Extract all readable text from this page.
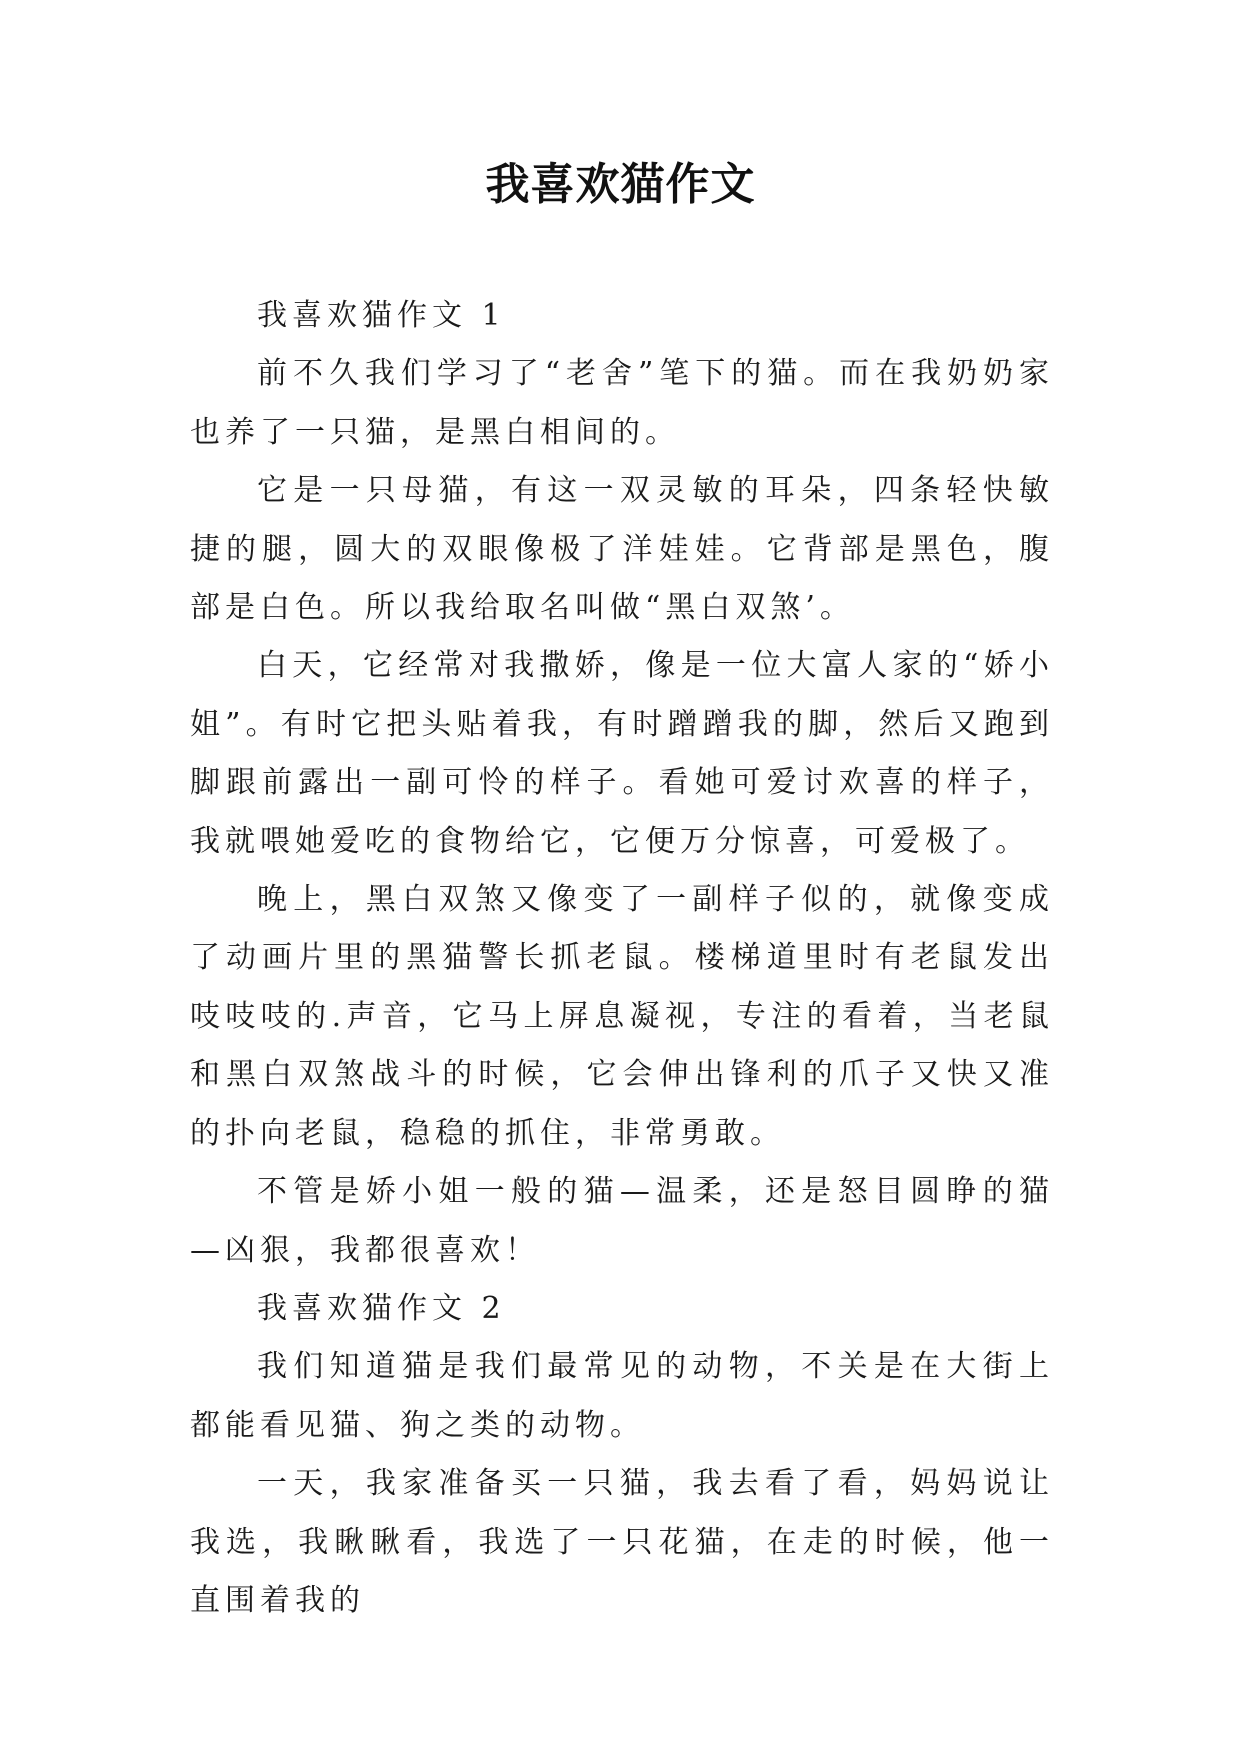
我喜欢猫作文

我喜欢猫作文 1

前不久我们学习了“老舍”笔下的猫。而在我奶奶家也养了一只猫，是黑白相间的。

它是一只母猫，有这一双灵敏的耳朵，四条轻快敏捷的腿，圆大的双眼像极了洋娃娃。它背部是黑色，腹部是白色。所以我给取名叫做“黑白双煞’。

白天，它经常对我撒娇，像是一位大富人家的“娇小姐”。有时它把头贴着我，有时蹭蹭我的脚，然后又跑到脚跟前露出一副可怜的样子。看她可爱讨欢喜的样子，我就喂她爱吃的食物给它，它便万分惊喜，可爱极了。

晚上，黑白双煞又像变了一副样子似的，就像变成了动画片里的黑猫警长抓老鼠。楼梯道里时有老鼠发出吱吱吱的.声音，它马上屏息凝视，专注的看着，当老鼠和黑白双煞战斗的时候，它会伸出锋利的爪子又快又准的扑向老鼠，稳稳的抓住，非常勇敢。

不管是娇小姐一般的猫—温柔，还是怒目圆睁的猫—凶狠，我都很喜欢！

我喜欢猫作文 2

我们知道猫是我们最常见的动物，不关是在大街上都能看见猫、狗之类的动物。

一天，我家准备买一只猫，我去看了看，妈妈说让我选，我瞅瞅看，我选了一只花猫，在走的时候，他一直围着我的
